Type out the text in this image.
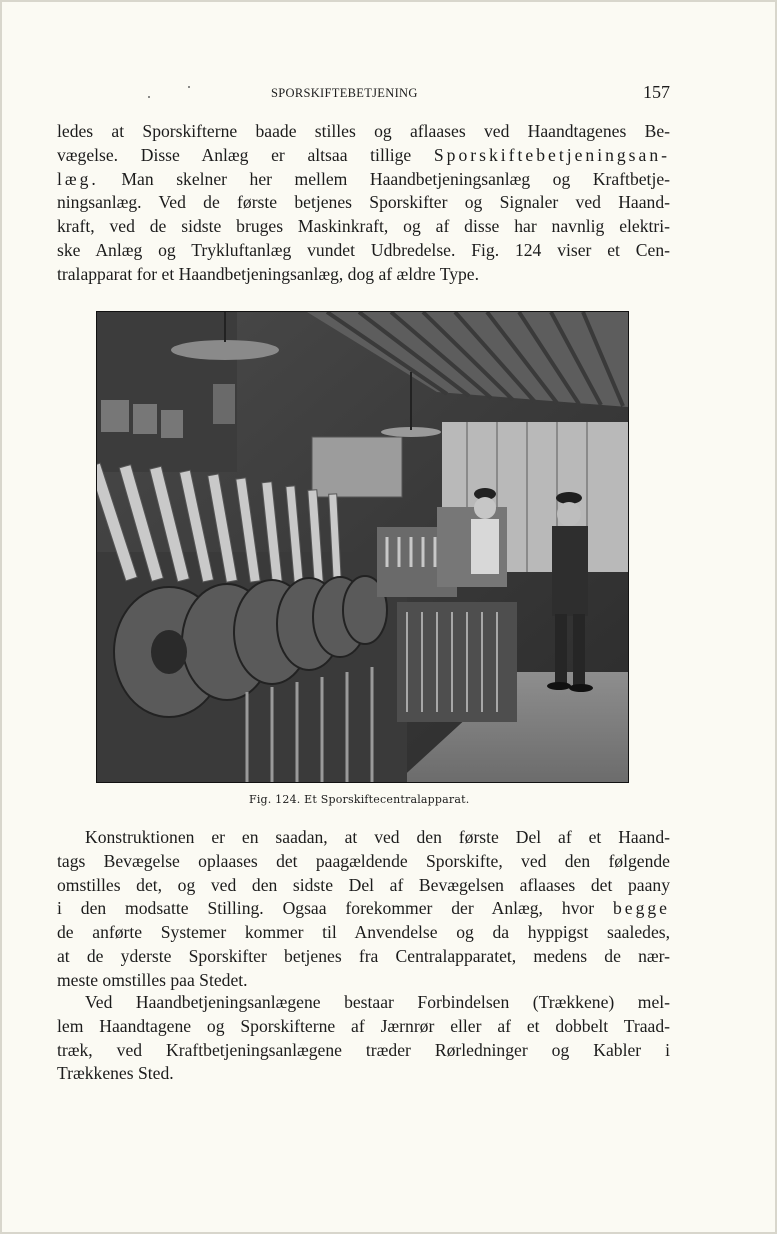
SPORSKIFTEBETJENING	157
ledes at Sporskifterne baade stilles og aflaases ved Haandtagenes Be-
vægelse. Disse Anlæg er altsaa tillige Sporskiftebetjeningsan-
læg. Man skelner her mellem Haandbetjeningsanlæg og Kraftbetje-
ningsanlæg. Ved de første betjenes Sporskifter og Signaler ved Haand-
kraft, ved de sidste bruges Maskinkraft, og af disse har navnlig elektri-
ske Anlæg og Trykluftanlæg vundet Udbredelse. Fig. 124 viser et Cen-
tralapparat for et Haandbetjeningsanlæg, dog af ældre Type.
Fig. 124. Et Sporskiftecentralapparat.
Konstruktionen er en saadan, at ved den første Del af et Haand-
tags Bevægelse oplaases det paagældende Sporskifte, ved den følgende
omstilles det, og ved den sidste Del af Bevægelsen aflaases det paany
i den modsatte Stilling. Ogsaa forekommer der Anlæg, hvor begge
de anførte Systemer kommer til Anvendelse og da hyppigst saaledes,
at de yderste Sporskifter betjenes fra Centralapparatet, medens de nær-
meste omstilles paa Stedet.
Ved Haandbetjeningsanlægene bestaar Forbindelsen (Trækkene) mel-
lem Haandtagene og Sporskifterne af Jærnrør eller af et dobbelt Traad-
træk, ved Kraftbetjeningsanlægene træder Rørledninger og Kabler i
Trækkenes Sted.
